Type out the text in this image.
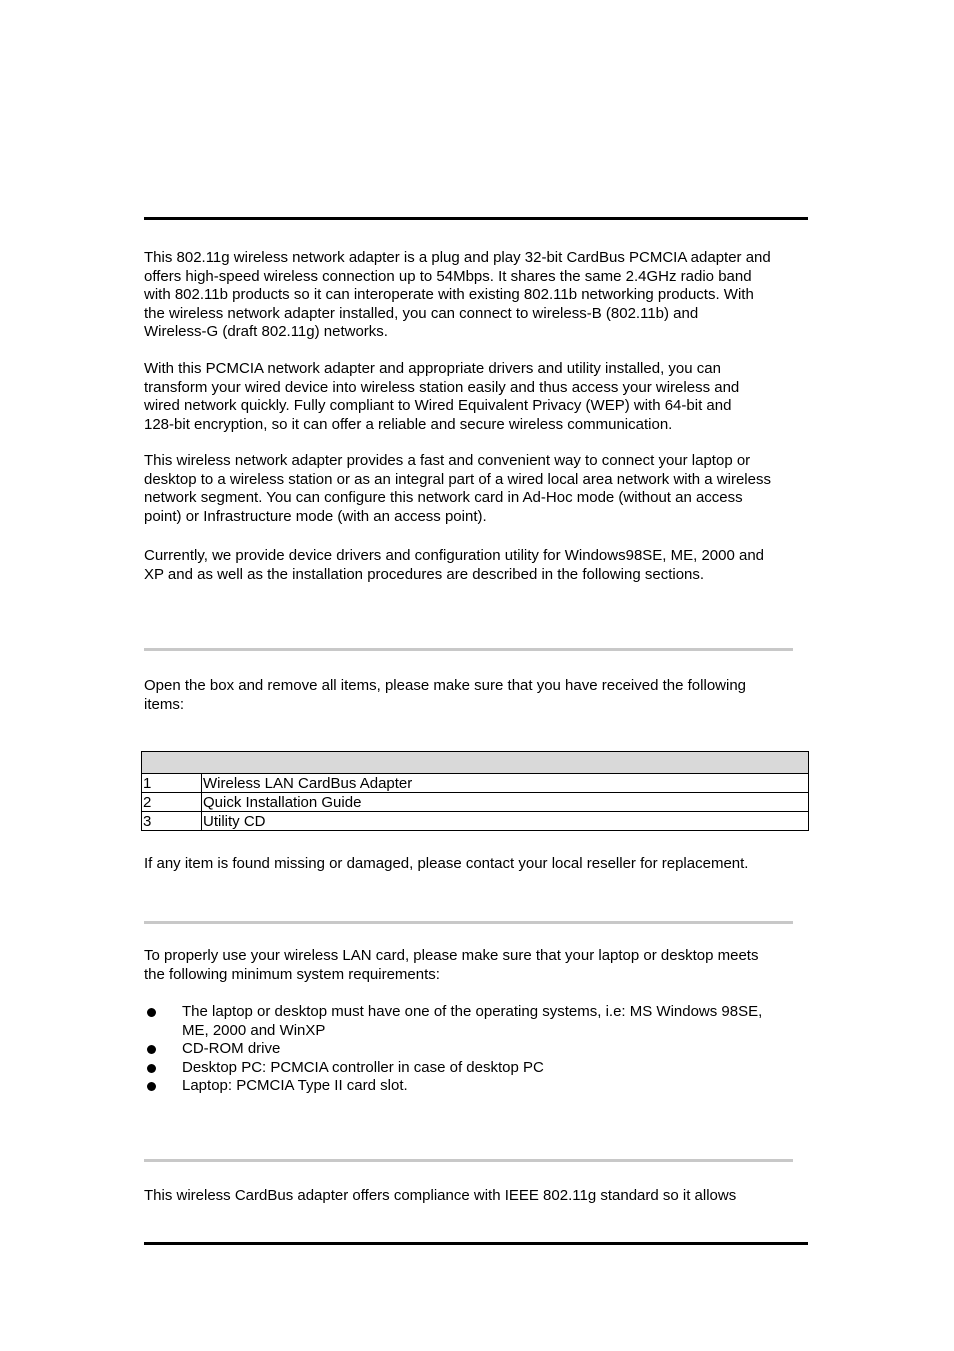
This 802.11g wireless network adapter is a plug and play 32-bit CardBus PCMCIA adapter and
offers high-speed wireless connection up to 54Mbps. It shares the same 2.4GHz radio band
with 802.11b products so it can interoperate with existing 802.11b networking products. With
the wireless network adapter installed, you can connect to wireless-B (802.11b) and
Wireless-G (draft 802.11g) networks.

With this PCMCIA network adapter and appropriate drivers and utility installed, you can
transform your wired device into wireless station easily and thus access your wireless and
wired network quickly. Fully compliant to Wired Equivalent Privacy (WEP) with 64-bit and
128-bit encryption, so it can offer a reliable and secure wireless communication.

This wireless network adapter provides a fast and convenient way to connect your laptop or
desktop to a wireless station or as an integral part of a wired local area network with a wireless
network segment. You can configure this network card in Ad-Hoc mode (without an access
point) or Infrastructure mode (with an access point).

Currently, we provide device drivers and configuration utility for Windows98SE, ME, 2000 and
XP and as well as the installation procedures are described in the following sections.

Open the box and remove all items, please make sure that you have received the following
items:

1	Wireless LAN CardBus Adapter
2	Quick Installation Guide
3	Utility CD

If any item is found missing or damaged, please contact your local reseller for replacement.

To properly use your wireless LAN card, please make sure that your laptop or desktop meets
the following minimum system requirements:

The laptop or desktop must have one of the operating systems, i.e: MS Windows 98SE,
ME, 2000 and WinXP
CD-ROM drive
Desktop PC: PCMCIA controller in case of desktop PC
Laptop: PCMCIA Type II card slot.

This wireless CardBus adapter offers compliance with IEEE 802.11g standard so it allows
